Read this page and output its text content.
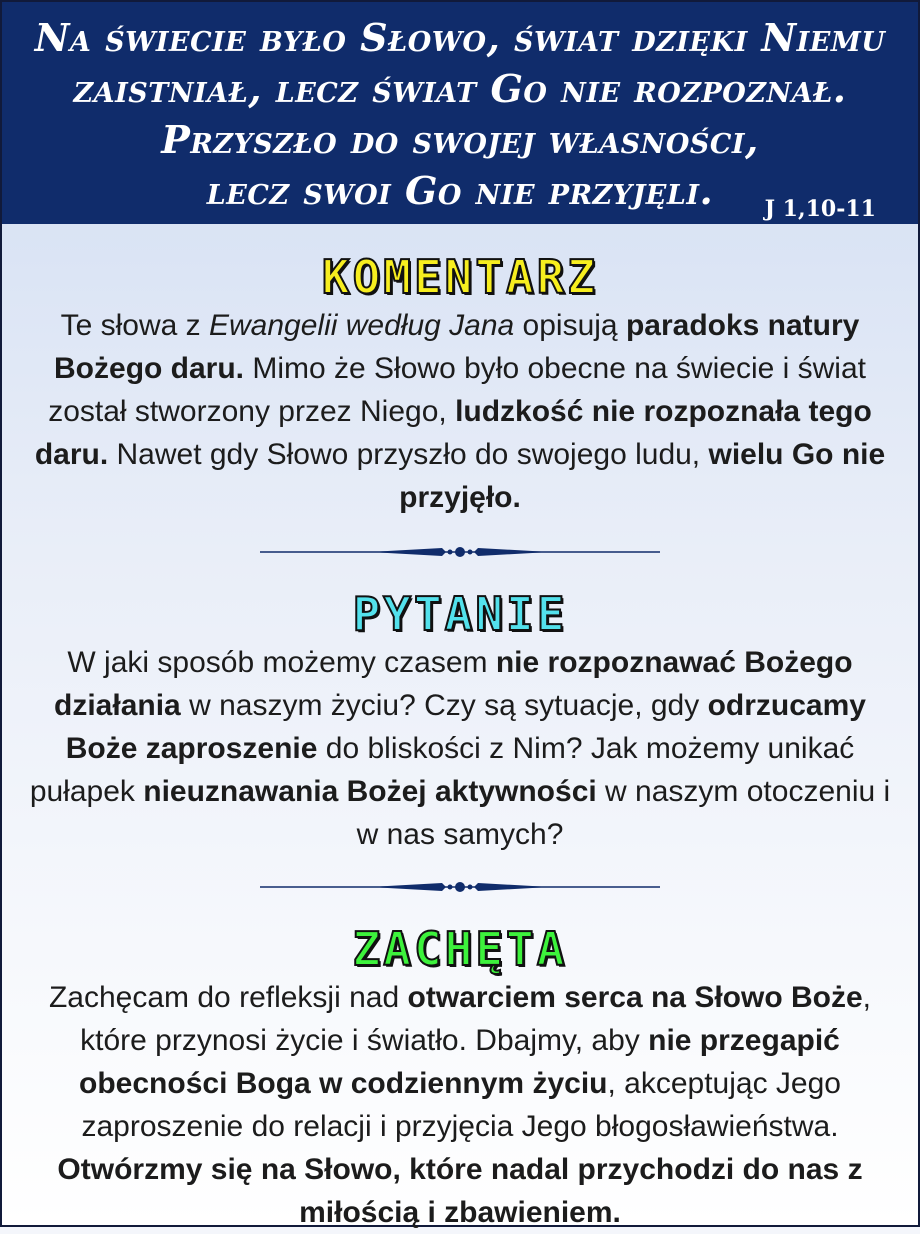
Na świecie było Słowo, świat dzięki Niemu
zaistniał, lecz świat Go nie rozpoznał.
Przyszło do swojej własności,
lecz swoi Go nie przyjęli.	J 1,10-11
KOMENTARZ

Te słowa z Ewangelii według Jana opisują paradoks natury Bożego daru. Mimo że Słowo było obecne na świecie i świat został stworzony przez Niego, ludzkość nie rozpoznała tego daru. Nawet gdy Słowo przyszło do swojego ludu, wielu Go nie przyjęło.

PYTANIE

W jaki sposób możemy czasem nie rozpoznawać Bożego działania w naszym życiu? Czy są sytuacje, gdy odrzucamy Boże zaproszenie do bliskości z Nim? Jak możemy unikać pułapek nieuznawania Bożej aktywności w naszym otoczeniu i w nas samych?

ZACHĘTA

Zachęcam do refleksji nad otwarciem serca na Słowo Boże, które przynosi życie i światło. Dbajmy, aby nie przegapić obecności Boga w codziennym życiu, akceptując Jego zaproszenie do relacji i przyjęcia Jego błogosławieństwa. Otwórzmy się na Słowo, które nadal przychodzi do nas z miłością i zbawieniem.
